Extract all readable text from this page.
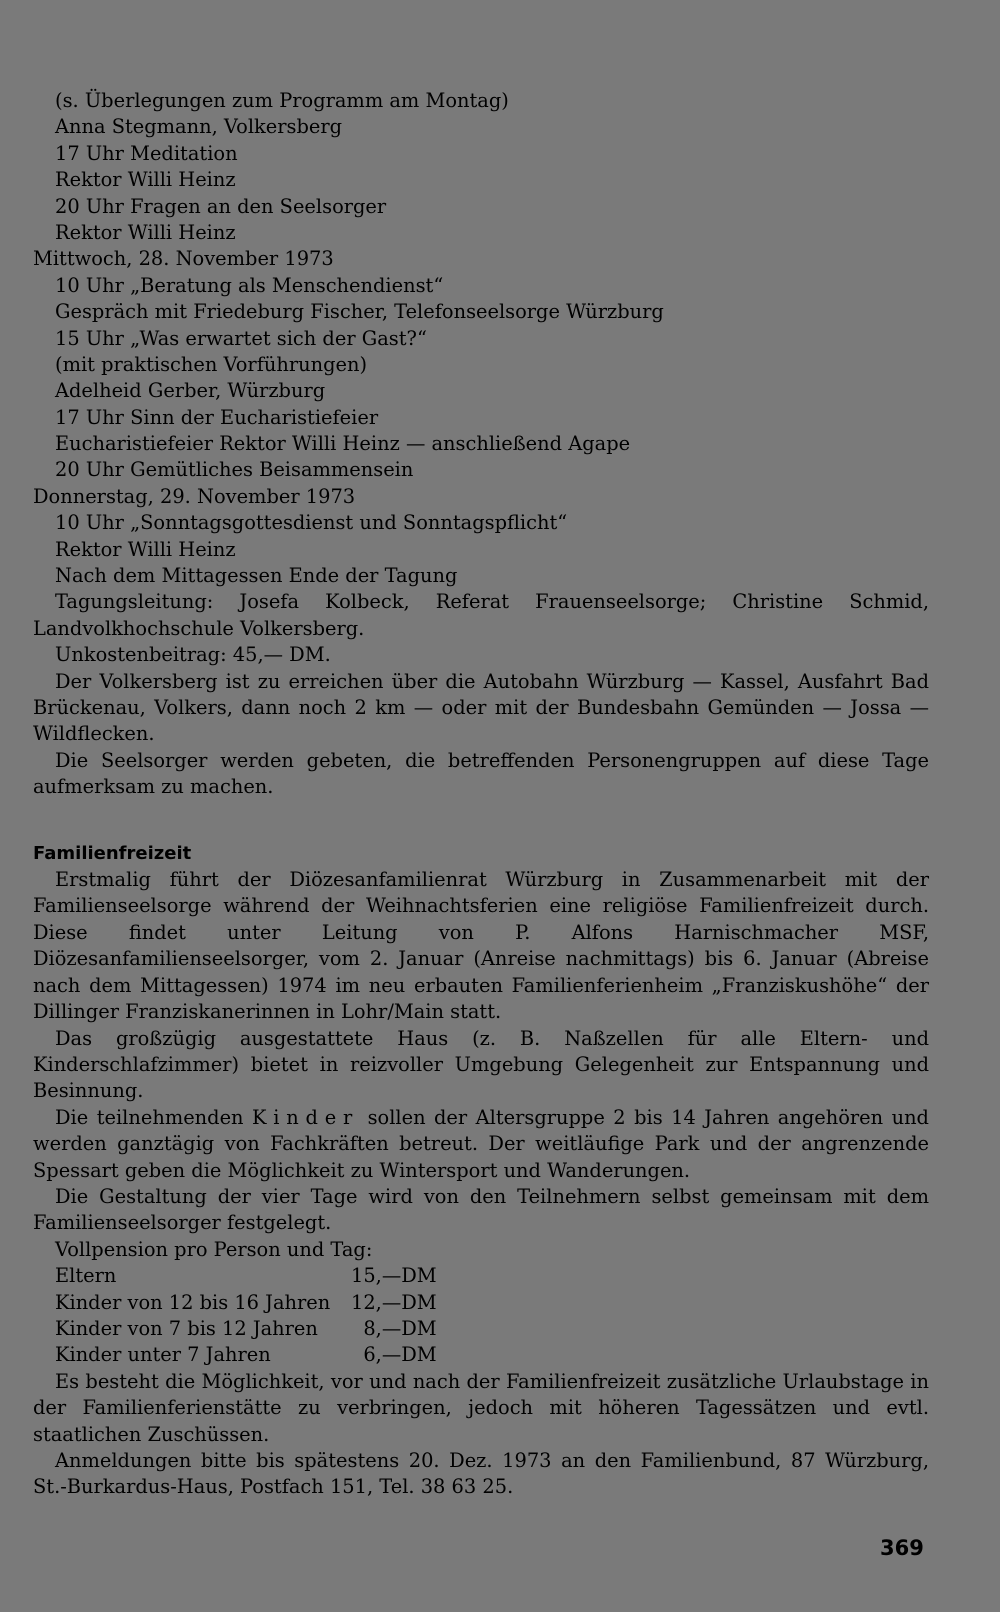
(s. Überlegungen zum Programm am Montag)
Anna Stegmann, Volkersberg
17 Uhr Meditation
Rektor Willi Heinz
20 Uhr Fragen an den Seelsorger
Rektor Willi Heinz
Mittwoch, 28. November 1973
10 Uhr „Beratung als Menschendienst“
Gespräch mit Friedeburg Fischer, Telefonseelsorge Würzburg
15 Uhr „Was erwartet sich der Gast?“
(mit praktischen Vorführungen)
Adelheid Gerber, Würzburg
17 Uhr Sinn der Eucharistiefeier
Eucharistiefeier Rektor Willi Heinz — anschließend Agape
20 Uhr Gemütliches Beisammensein
Donnerstag, 29. November 1973
10 Uhr „Sonntagsgottesdienst und Sonntagspflicht“
Rektor Willi Heinz
Nach dem Mittagessen Ende der Tagung
Tagungsleitung: Josefa Kolbeck, Referat Frauenseelsorge; Christine Schmid, Landvolkhochschule Volkersberg.
Unkostenbeitrag: 45,— DM.
Der Volkersberg ist zu erreichen über die Autobahn Würzburg — Kassel, Ausfahrt Bad Brückenau, Volkers, dann noch 2 km — oder mit der Bundesbahn Gemünden — Jossa — Wildflecken.
Die Seelsorger werden gebeten, die betreffenden Personengruppen auf diese Tage aufmerksam zu machen.
Familienfreizeit
Erstmalig führt der Diözesanfamilienrat Würzburg in Zusammenarbeit mit der Familienseelsorge während der Weihnachtsferien eine religiöse Familienfreizeit durch. Diese findet unter Leitung von P. Alfons Harnischmacher MSF, Diözesanfamilienseelsorger, vom 2. Januar (Anreise nachmittags) bis 6. Januar (Abreise nach dem Mittagessen) 1974 im neu erbauten Familienferienheim „Franziskushöhe“ der Dillinger Franziskanerinnen in Lohr/Main statt.
Das großzügig ausgestattete Haus (z. B. Naßzellen für alle Eltern- und Kinderschlafzimmer) bietet in reizvoller Umgebung Gelegenheit zur Entspannung und Besinnung.
Die teilnehmenden Kinder sollen der Altersgruppe 2 bis 14 Jahren angehören und werden ganztägig von Fachkräften betreut. Der weitläufige Park und der angrenzende Spessart geben die Möglichkeit zu Wintersport und Wanderungen.
Die Gestaltung der vier Tage wird von den Teilnehmern selbst gemeinsam mit dem Familienseelsorger festgelegt.
Vollpension pro Person und Tag:
Eltern	15,—	DM
Kinder von 12 bis 16 Jahren	12,—	DM
Kinder von 7 bis 12 Jahren	8,—	DM
Kinder unter 7 Jahren	6,—	DM
Es besteht die Möglichkeit, vor und nach der Familienfreizeit zusätzliche Urlaubstage in der Familienferienstätte zu verbringen, jedoch mit höheren Tagessätzen und evtl. staatlichen Zuschüssen.
Anmeldungen bitte bis spätestens 20. Dez. 1973 an den Familienbund, 87 Würzburg, St.-Burkardus-Haus, Postfach 151, Tel. 38 63 25.
369
